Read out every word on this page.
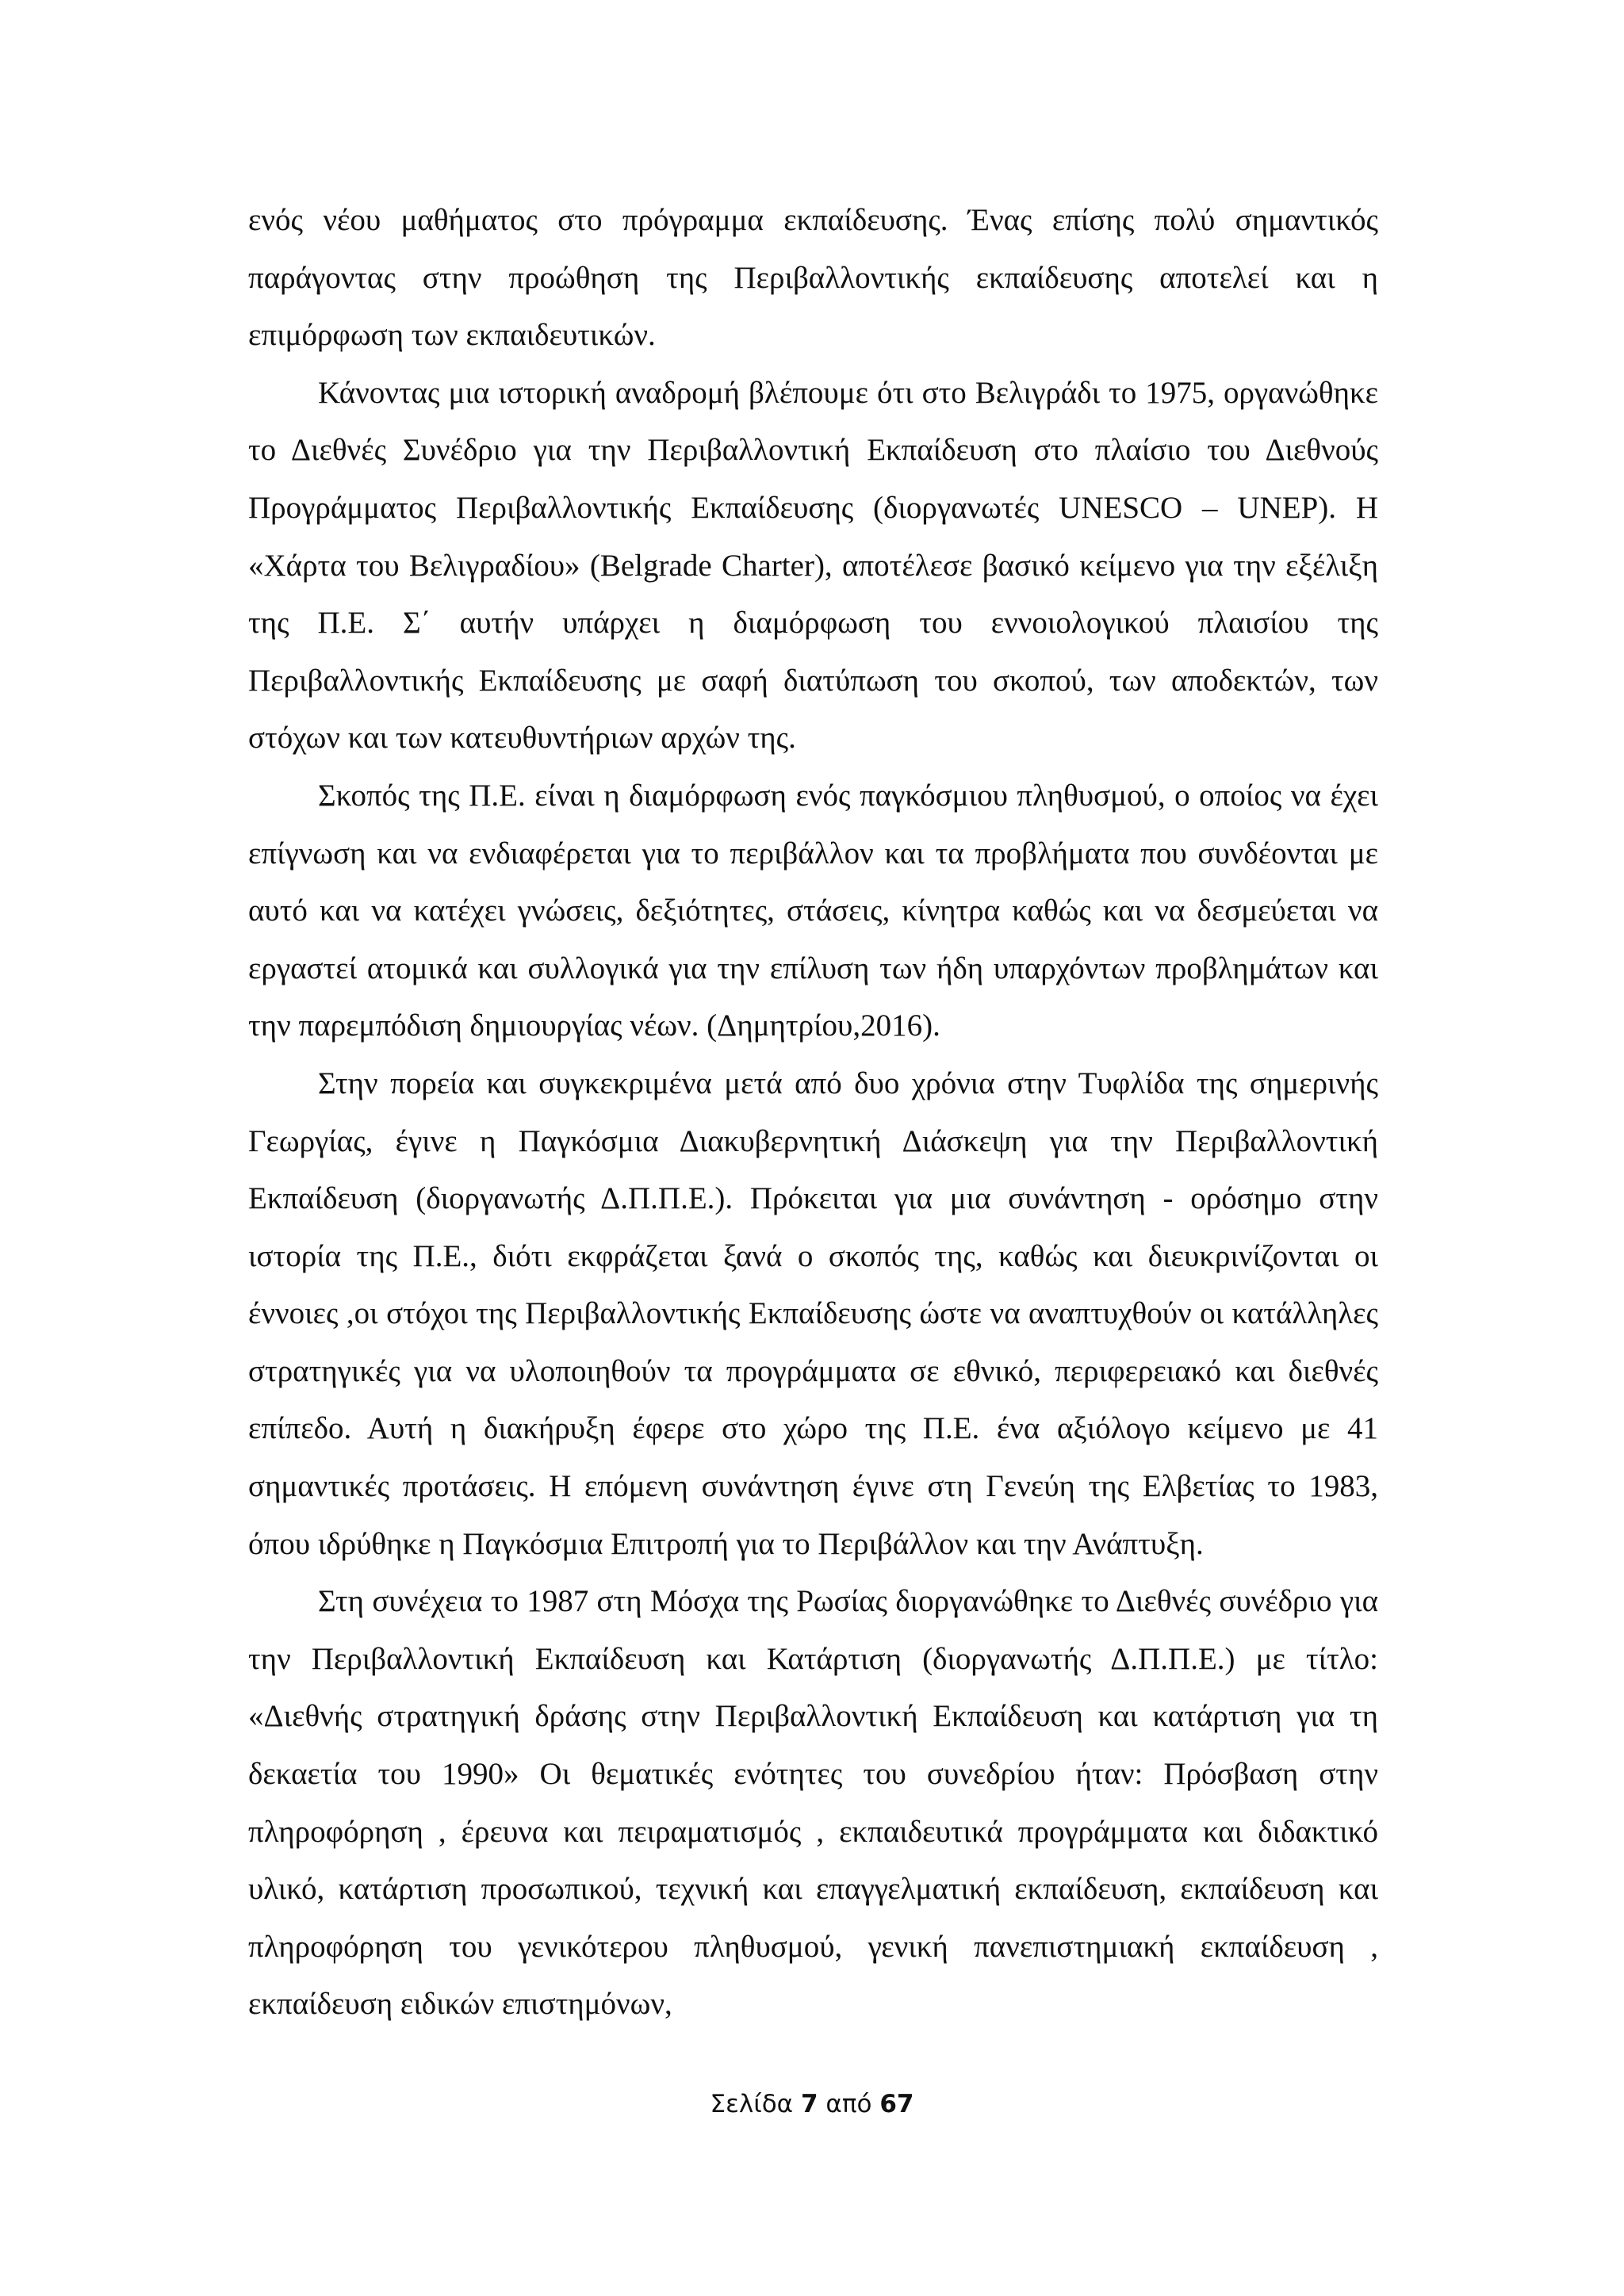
ενός νέου μαθήματος στο πρόγραμμα εκπαίδευσης. Ένας επίσης πολύ σημαντικός παράγοντας στην προώθηση της Περιβαλλοντικής εκπαίδευσης αποτελεί και η επιμόρφωση των εκπαιδευτικών.

Κάνοντας μια ιστορική αναδρομή βλέπουμε ότι στο Βελιγράδι το 1975, οργανώθηκε το Διεθνές Συνέδριο για την Περιβαλλοντική Εκπαίδευση στο πλαίσιο του Διεθνούς Προγράμματος Περιβαλλοντικής Εκπαίδευσης (διοργανωτές UNESCO – UNEP). Η «Χάρτα του Βελιγραδίου» (Belgrade Charter), αποτέλεσε βασικό κείμενο για την εξέλιξη της Π.Ε. Σ΄ αυτήν υπάρχει η διαμόρφωση του εννοιολογικού πλαισίου της Περιβαλλοντικής Εκπαίδευσης με σαφή διατύπωση του σκοπού, των αποδεκτών, των στόχων και των κατευθυντήριων αρχών της.

Σκοπός της Π.Ε. είναι η διαμόρφωση ενός παγκόσμιου πληθυσμού, ο οποίος να έχει επίγνωση και να ενδιαφέρεται για το περιβάλλον και τα προβλήματα που συνδέονται με αυτό και να κατέχει γνώσεις, δεξιότητες, στάσεις, κίνητρα καθώς και να δεσμεύεται να εργαστεί ατομικά και συλλογικά για την επίλυση των ήδη υπαρχόντων προβλημάτων και την παρεμπόδιση δημιουργίας νέων. (Δημητρίου,2016).

Στην πορεία και συγκεκριμένα μετά από δυο χρόνια στην Τυφλίδα της σημερινής Γεωργίας, έγινε η Παγκόσμια Διακυβερνητική Διάσκεψη για την Περιβαλλοντική Εκπαίδευση (διοργανωτής Δ.Π.Π.Ε.). Πρόκειται για μια συνάντηση - ορόσημο στην ιστορία της Π.Ε., διότι εκφράζεται ξανά ο σκοπός της, καθώς και διευκρινίζονται οι έννοιες ,οι στόχοι της Περιβαλλοντικής Εκπαίδευσης ώστε να αναπτυχθούν οι κατάλληλες στρατηγικές για να υλοποιηθούν τα προγράμματα σε εθνικό, περιφερειακό και διεθνές επίπεδο. Αυτή η διακήρυξη έφερε στο χώρο της Π.Ε. ένα αξιόλογο κείμενο με 41 σημαντικές προτάσεις. Η επόμενη συνάντηση έγινε στη Γενεύη της Ελβετίας το 1983, όπου ιδρύθηκε η Παγκόσμια Επιτροπή για το Περιβάλλον και την Ανάπτυξη.

Στη συνέχεια το 1987 στη Μόσχα της Ρωσίας διοργανώθηκε το Διεθνές συνέδριο για την Περιβαλλοντική Εκπαίδευση και Κατάρτιση (διοργανωτής Δ.Π.Π.Ε.) με τίτλο: «Διεθνής στρατηγική δράσης στην Περιβαλλοντική Εκπαίδευση και κατάρτιση για τη δεκαετία του 1990» Οι θεματικές ενότητες του συνεδρίου ήταν: Πρόσβαση στην πληροφόρηση , έρευνα και πειραματισμός , εκπαιδευτικά προγράμματα και διδακτικό υλικό, κατάρτιση προσωπικού, τεχνική και επαγγελματική εκπαίδευση, εκπαίδευση και πληροφόρηση του γενικότερου πληθυσμού, γενική πανεπιστημιακή εκπαίδευση , εκπαίδευση ειδικών επιστημόνων,

Σελίδα 7 από 67
